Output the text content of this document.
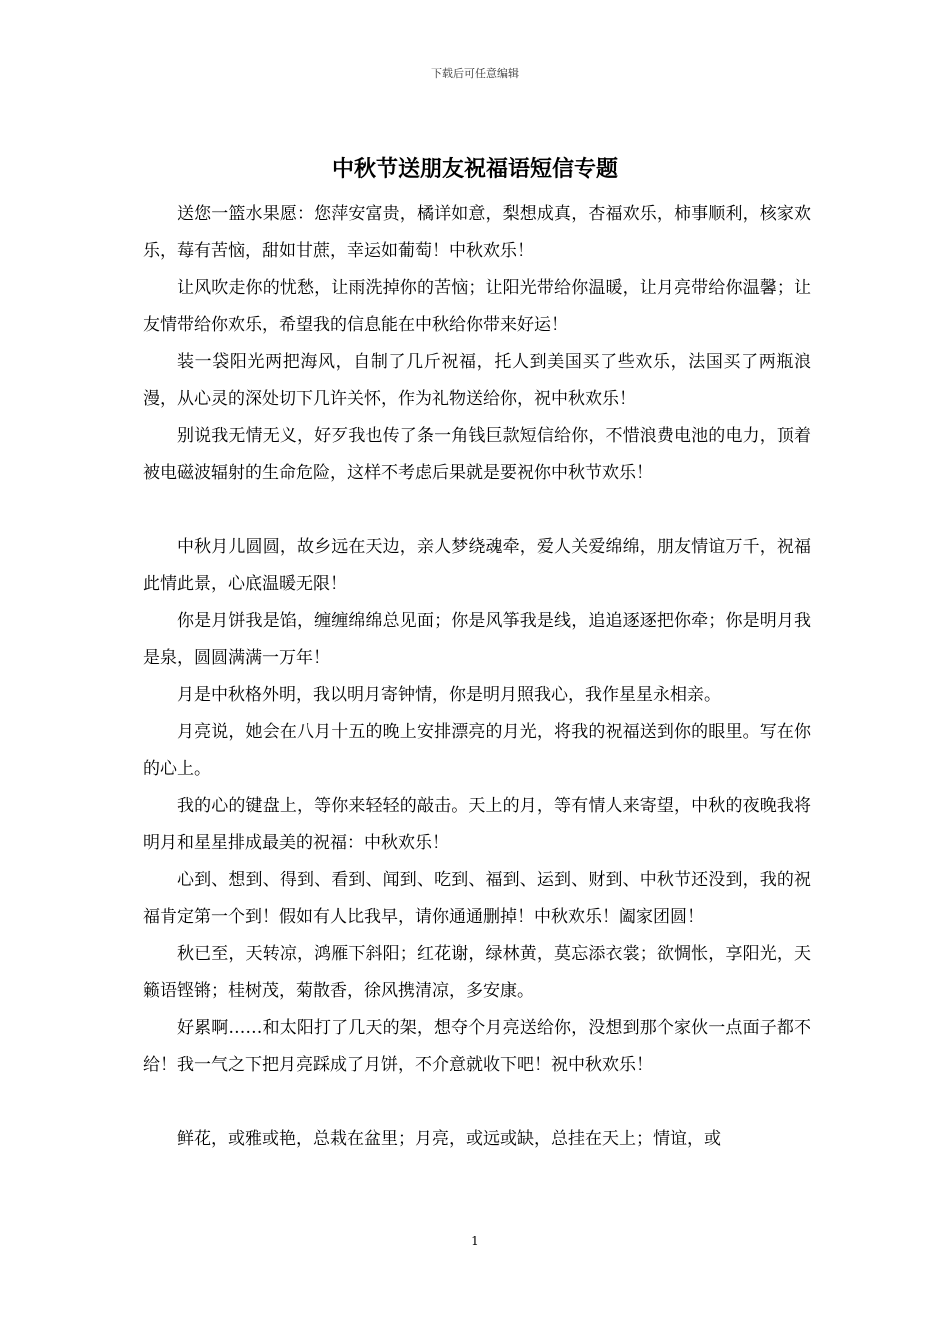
下载后可任意编辑
中秋节送朋友祝福语短信专题

送您一篮水果愿：您萍安富贵，橘详如意，梨想成真，杏福欢乐，柿事顺利，核家欢乐，莓有苦恼，甜如甘蔗，幸运如葡萄！中秋欢乐！

让风吹走你的忧愁，让雨洗掉你的苦恼；让阳光带给你温暖，让月亮带给你温馨；让友情带给你欢乐，希望我的信息能在中秋给你带来好运！

装一袋阳光两把海风，自制了几斤祝福，托人到美国买了些欢乐，法国买了两瓶浪漫，从心灵的深处切下几许关怀，作为礼物送给你，祝中秋欢乐！

别说我无情无义，好歹我也传了条一角钱巨款短信给你，不惜浪费电池的电力，顶着被电磁波辐射的生命危险，这样不考虑后果就是要祝你中秋节欢乐！

中秋月儿圆圆，故乡远在天边，亲人梦绕魂牵，爱人关爱绵绵，朋友情谊万千，祝福此情此景，心底温暖无限！

你是月饼我是馅，缠缠绵绵总见面；你是风筝我是线，追追逐逐把你牵；你是明月我是泉，圆圆满满一万年！

月是中秋格外明，我以明月寄钟情，你是明月照我心，我作星星永相亲。

月亮说，她会在八月十五的晚上安排漂亮的月光，将我的祝福送到你的眼里。写在你的心上。

我的心的键盘上，等你来轻轻的敲击。天上的月，等有情人来寄望，中秋的夜晚我将明月和星星排成最美的祝福：中秋欢乐！

心到、想到、得到、看到、闻到、吃到、福到、运到、财到、中秋节还没到，我的祝福肯定第一个到！假如有人比我早，请你通通删掉！中秋欢乐！阖家团圆！

秋已至，天转凉，鸿雁下斜阳；红花谢，绿林黄，莫忘添衣裳；欲惆怅，享阳光，天籁语铿锵；桂树茂，菊散香，徐风携清凉，多安康。

好累啊……和太阳打了几天的架，想夺个月亮送给你，没想到那个家伙一点面子都不给！我一气之下把月亮踩成了月饼，不介意就收下吧！祝中秋欢乐！

鲜花，或雅或艳，总栽在盆里；月亮，或远或缺，总挂在天上；情谊，或

1
